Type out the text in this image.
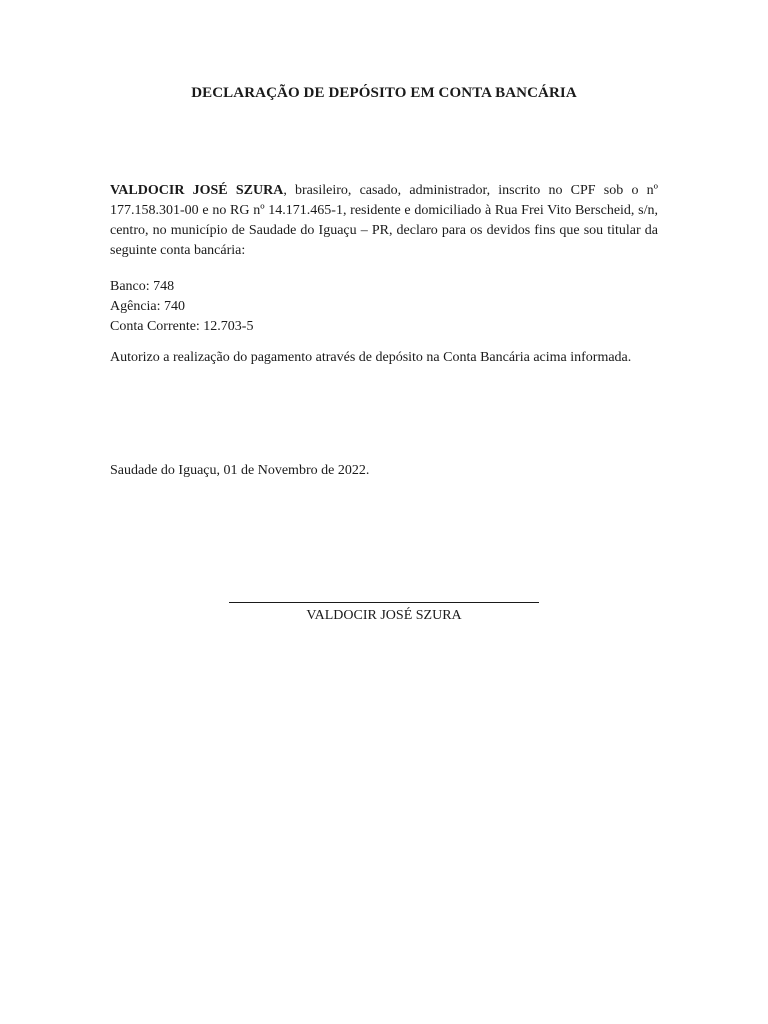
DECLARAÇÃO DE DEPÓSITO EM CONTA BANCÁRIA

VALDOCIR JOSÉ SZURA, brasileiro, casado, administrador, inscrito no CPF sob o nº 177.158.301-00 e no RG nº 14.171.465-1, residente e domiciliado à Rua Frei Vito Berscheid, s/n, centro, no município de Saudade do Iguaçu – PR, declaro para os devidos fins que sou titular da seguinte conta bancária:

Banco: 748
Agência: 740
Conta Corrente: 12.703-5

Autorizo a realização do pagamento através de depósito na Conta Bancária acima informada.

Saudade do Iguaçu, 01 de Novembro de 2022.
VALDOCIR JOSÉ SZURA
